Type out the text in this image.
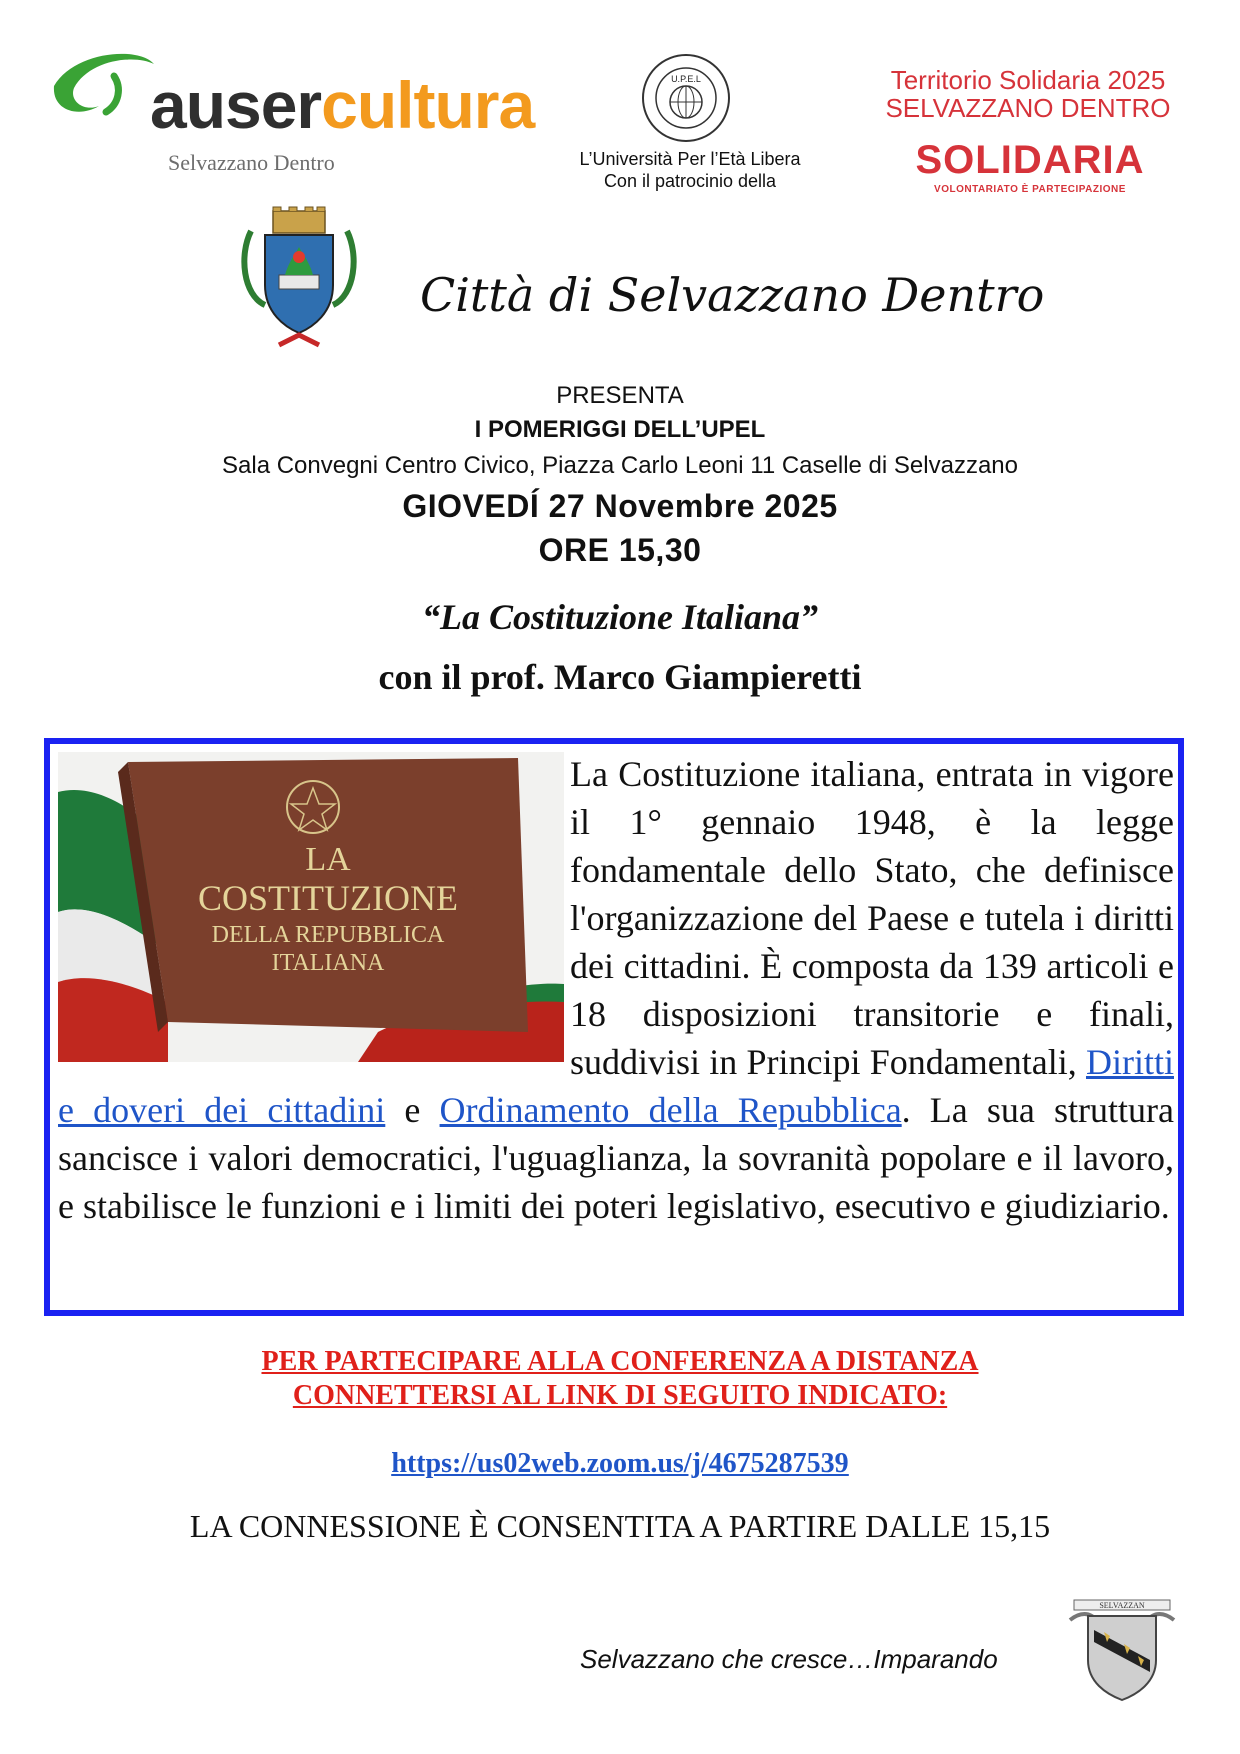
ausercultura
Selvazzano Dentro
U.P.E.L
L’Università Per l’Età Libera
Con il patrocinio della
Territorio Solidaria 2025
SELVAZZANO DENTRO
SOLIDARIA
VOLONTARIATO È PARTECIPAZIONE
Città di Selvazzano Dentro
PRESENTA
I POMERIGGI DELL’UPEL
Sala Convegni Centro Civico, Piazza Carlo Leoni 11 Caselle di Selvazzano
GIOVEDÍ 27 Novembre 2025
ORE 15,30
“La Costituzione Italiana”
con il prof. Marco Giampieretti
LA
COSTITUZIONE
DELLA REPUBBLICA
ITALIANA
La Costituzione italiana, entrata in vigore il 1° gennaio 1948, è la legge fondamentale dello Stato, che definisce l'organizzazione del Paese e tutela i diritti dei cittadini. È composta da 139 articoli e 18 disposizioni transitorie e finali, suddivisi in Principi Fondamentali, Diritti e doveri dei cittadini e Ordinamento della Repubblica. La sua struttura sancisce i valori democratici, l'uguaglianza, la sovranità popolare e il lavoro, e stabilisce le funzioni e i limiti dei poteri legislativo, esecutivo e giudiziario.
PER PARTECIPARE ALLA CONFERENZA A DISTANZA
CONNETTERSI AL LINK DI SEGUITO INDICATO:
https://us02web.zoom.us/j/4675287539
LA CONNESSIONE È CONSENTITA A PARTIRE DALLE 15,15
Selvazzano che cresce…Imparando
SELVAZZAN
